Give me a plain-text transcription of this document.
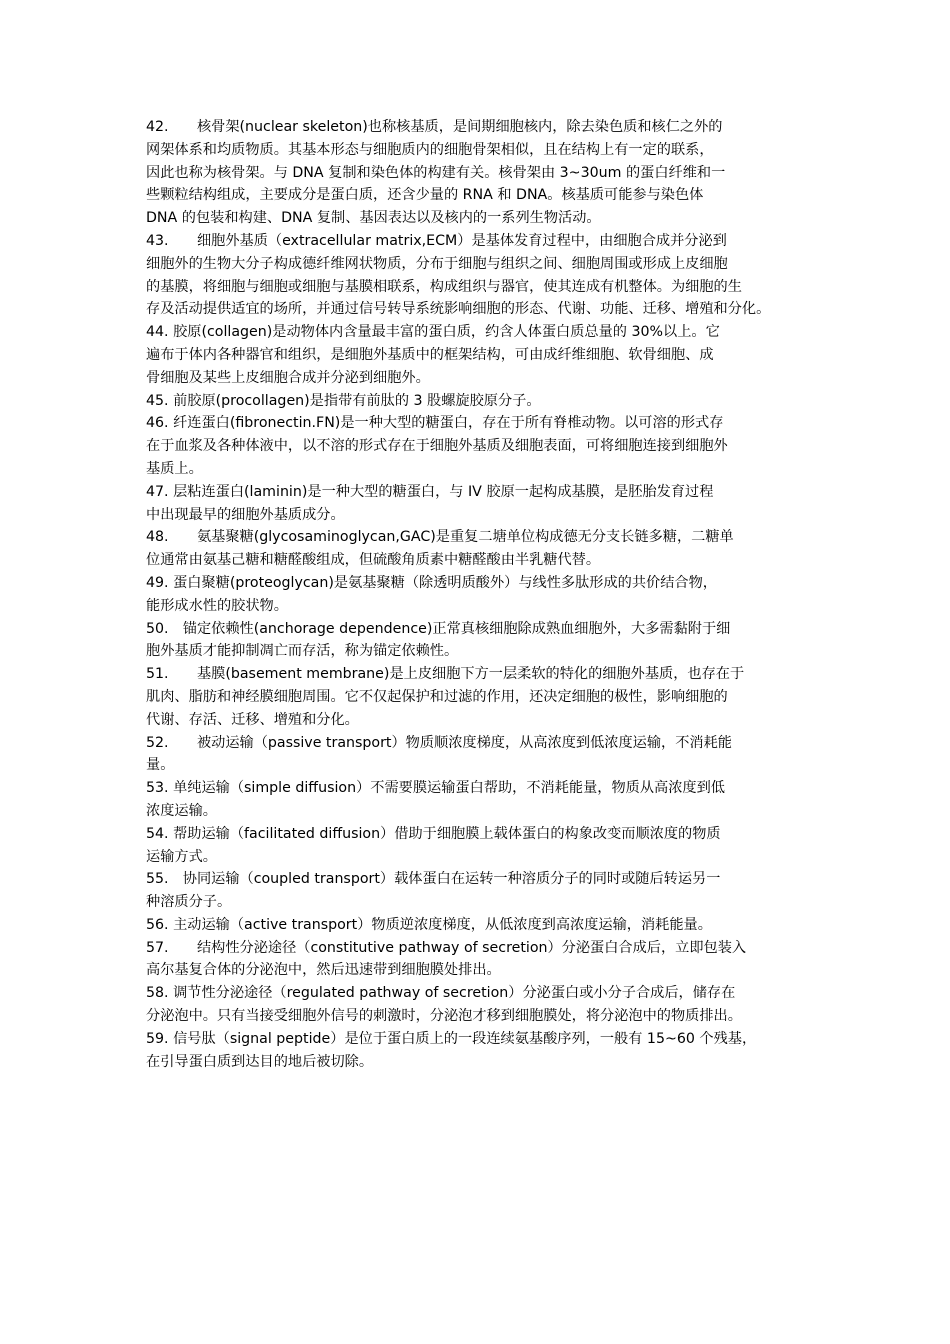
42.　　核骨架(nuclear skeleton)也称核基质，是间期细胞核内，除去染色质和核仁之外的
网架体系和均质物质。其基本形态与细胞质内的细胞骨架相似，且在结构上有一定的联系，
因此也称为核骨架。与 DNA 复制和染色体的构建有关。核骨架由 3~30um 的蛋白纤维和一
些颗粒结构组成，主要成分是蛋白质，还含少量的 RNA 和 DNA。核基质可能参与染色体
DNA 的包装和构建、DNA 复制、基因表达以及核内的一系列生物活动。
43.　　细胞外基质（extracellular matrix,ECM）是基体发育过程中，由细胞合成并分泌到
细胞外的生物大分子构成德纤维网状物质，分布于细胞与组织之间、细胞周围或形成上皮细胞
的基膜，将细胞与细胞或细胞与基膜相联系，构成组织与器官，使其连成有机整体。为细胞的生
存及活动提供适宜的场所，并通过信号转导系统影响细胞的形态、代谢、功能、迁移、增殖和分化。
44. 胶原(collagen)是动物体内含量最丰富的蛋白质，约含人体蛋白质总量的 30%以上。它
遍布于体内各种器官和组织，是细胞外基质中的框架结构，可由成纤维细胞、软骨细胞、成
骨细胞及某些上皮细胞合成并分泌到细胞外。
45. 前胶原(procollagen)是指带有前肽的 3 股螺旋胶原分子。
46. 纤连蛋白(fibronectin.FN)是一种大型的糖蛋白，存在于所有脊椎动物。以可溶的形式存
在于血浆及各种体液中，以不溶的形式存在于细胞外基质及细胞表面，可将细胞连接到细胞外
基质上。
47. 层粘连蛋白(laminin)是一种大型的糖蛋白，与 IV 胶原一起构成基膜，是胚胎发育过程
中出现最早的细胞外基质成分。
48.　　氨基聚糖(glycosaminoglycan,GAC)是重复二塘单位构成德无分支长链多糖，二糖单
位通常由氨基己糖和糖醛酸组成，但硫酸角质素中糖醛酸由半乳糖代替。
49. 蛋白聚糖(proteoglycan)是氨基聚糖（除透明质酸外）与线性多肽形成的共价结合物，
能形成水性的胶状物。
50.　锚定依赖性(anchorage dependence)正常真核细胞除成熟血细胞外，大多需黏附于细
胞外基质才能抑制凋亡而存活，称为锚定依赖性。
51.　　基膜(basement membrane)是上皮细胞下方一层柔软的特化的细胞外基质，也存在于
肌肉、脂肪和神经膜细胞周围。它不仅起保护和过滤的作用，还决定细胞的极性，影响细胞的
代谢、存活、迁移、增殖和分化。
52.　　被动运输（passive transport）物质顺浓度梯度，从高浓度到低浓度运输，不消耗能
量。
53. 单纯运输（simple diffusion）不需要膜运输蛋白帮助，不消耗能量，物质从高浓度到低
浓度运输。
54. 帮助运输（facilitated diffusion）借助于细胞膜上载体蛋白的构象改变而顺浓度的物质
运输方式。
55.　协同运输（coupled transport）载体蛋白在运转一种溶质分子的同时或随后转运另一
种溶质分子。
56. 主动运输（active transport）物质逆浓度梯度，从低浓度到高浓度运输，消耗能量。
57.　　结构性分泌途径（constitutive pathway of secretion）分泌蛋白合成后，立即包装入
高尔基复合体的分泌泡中，然后迅速带到细胞膜处排出。
58. 调节性分泌途径（regulated pathway of secretion）分泌蛋白或小分子合成后，储存在
分泌泡中。只有当接受细胞外信号的刺激时，分泌泡才移到细胞膜处，将分泌泡中的物质排出。
59. 信号肽（signal peptide）是位于蛋白质上的一段连续氨基酸序列，一般有 15~60 个残基，
在引导蛋白质到达目的地后被切除。
